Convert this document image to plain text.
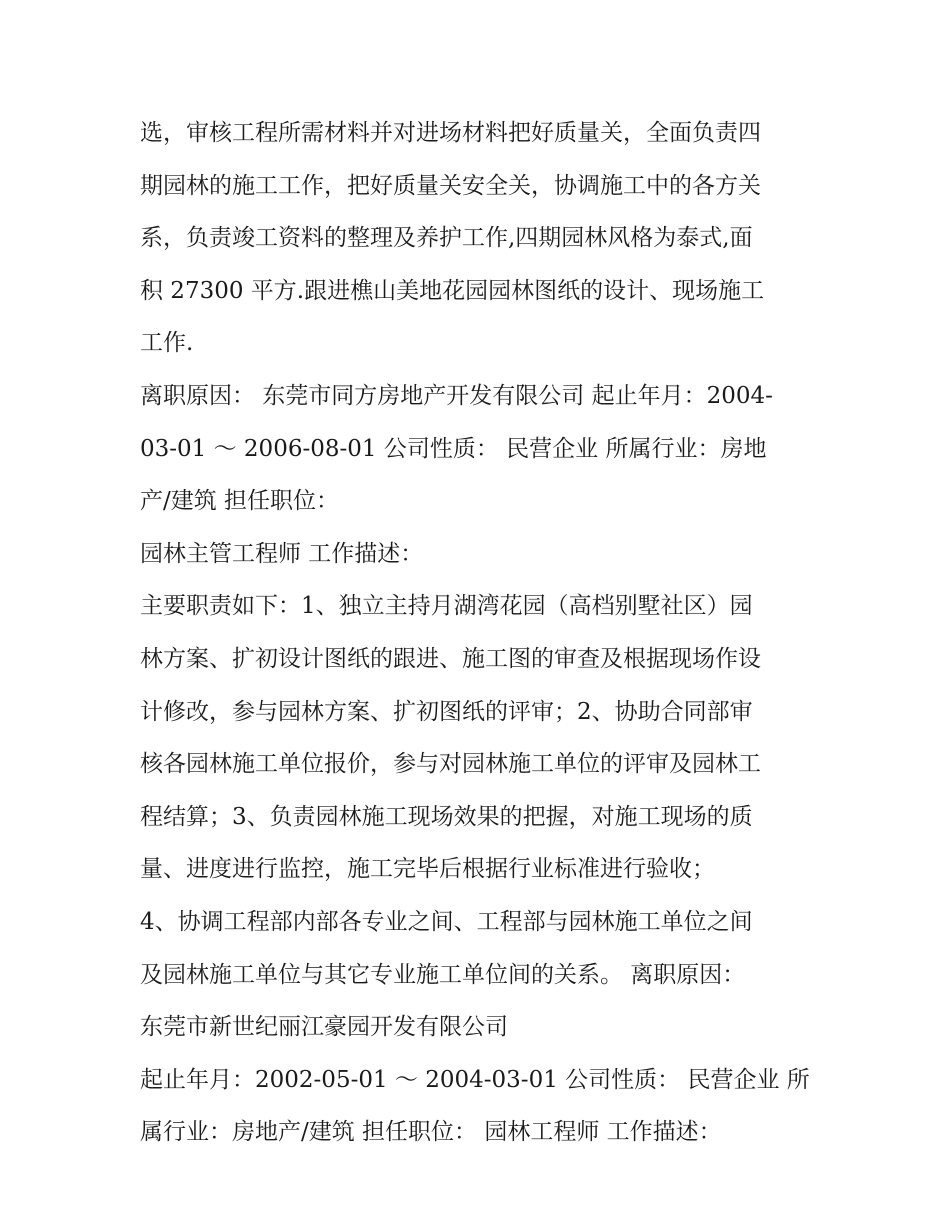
选，审核工程所需材料并对进场材料把好质量关，全面负责四
期园林的施工工作，把好质量关安全关，协调施工中的各方关
系，负责竣工资料的整理及养护工作,四期园林风格为泰式,面
积 27300 平方.跟进樵山美地花园园林图纸的设计、现场施工
工作.
离职原因： 东莞市同方房地产开发有限公司 起止年月：2004-
03-01 ～ 2006-08-01 公司性质： 民营企业 所属行业：房地
产/建筑 担任职位：
园林主管工程师 工作描述：
主要职责如下：1、独立主持月湖湾花园（高档别墅社区）园
林方案、扩初设计图纸的跟进、施工图的审查及根据现场作设
计修改，参与园林方案、扩初图纸的评审；2、协助合同部审
核各园林施工单位报价，参与对园林施工单位的评审及园林工
程结算；3、负责园林施工现场效果的把握，对施工现场的质
量、进度进行监控，施工完毕后根据行业标准进行验收；
4、协调工程部内部各专业之间、工程部与园林施工单位之间
及园林施工单位与其它专业施工单位间的关系。 离职原因：
东莞市新世纪丽江豪园开发有限公司
起止年月：2002-05-01 ～ 2004-03-01 公司性质： 民营企业 所
属行业：房地产/建筑 担任职位： 园林工程师 工作描述：
